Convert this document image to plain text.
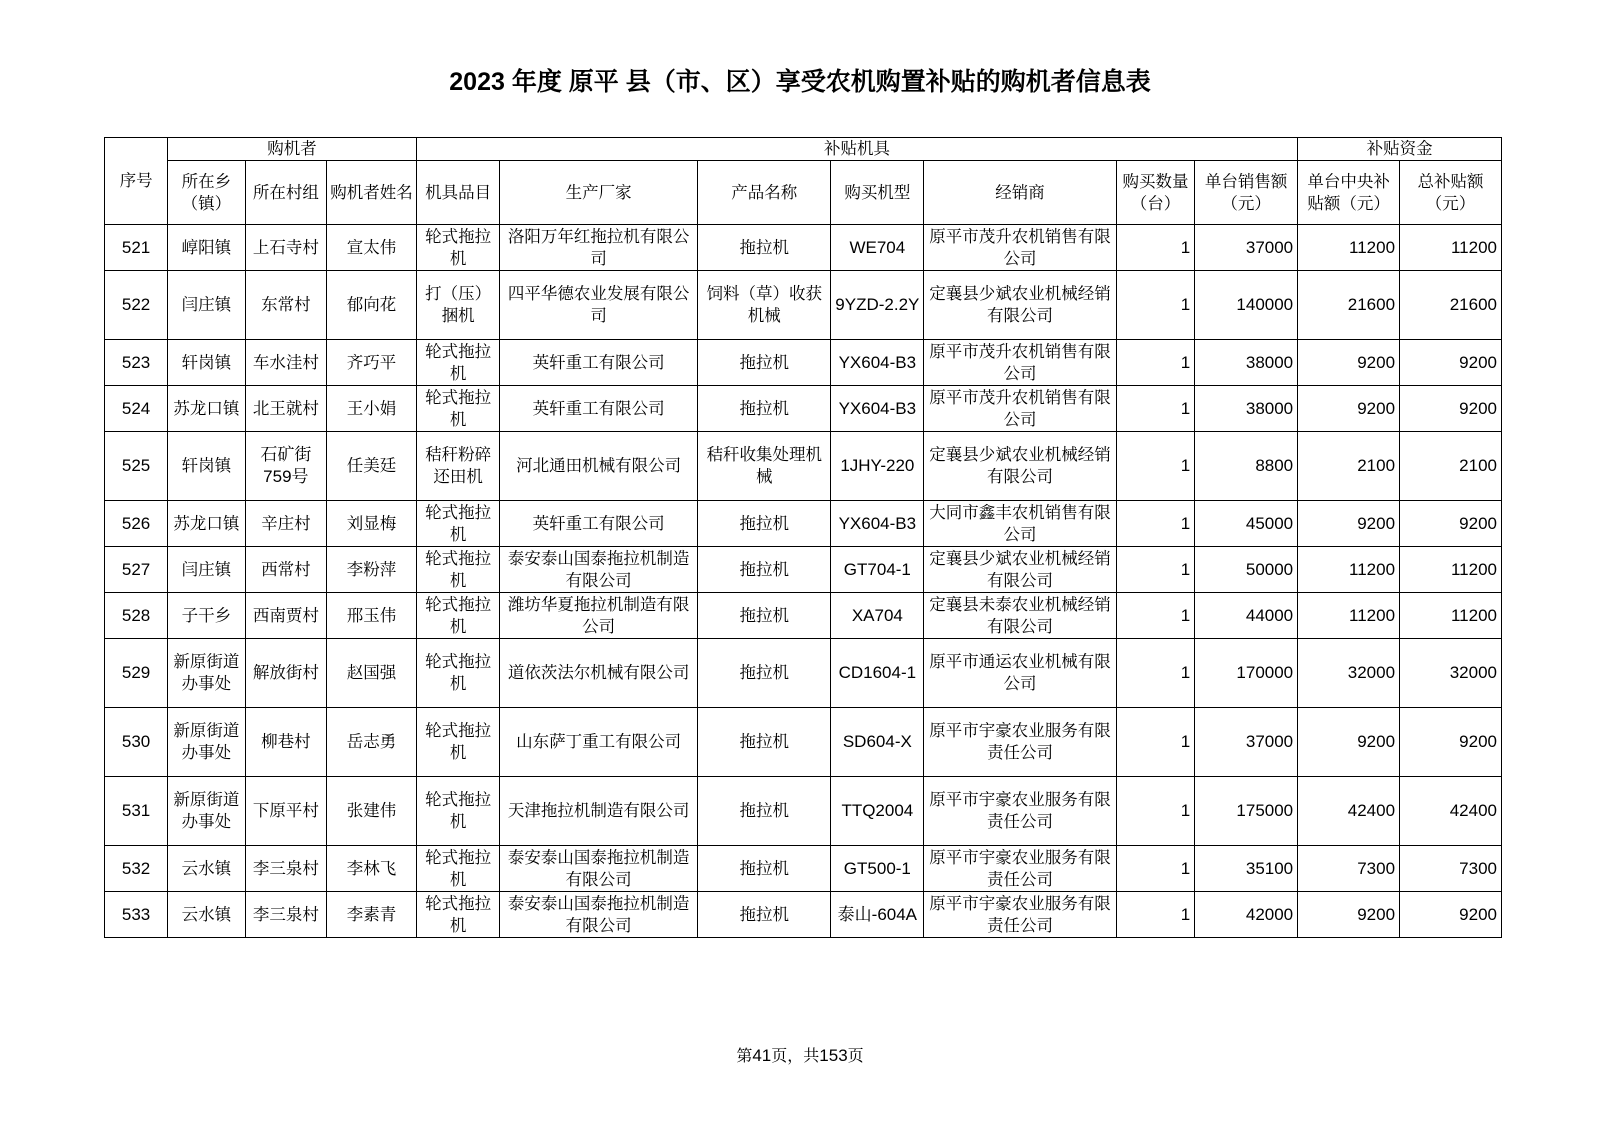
2023 年度 原平 县（市、区）享受农机购置补贴的购机者信息表
序号	购机者			补贴机具							补贴资金	
	所在乡（镇）	所在村组	购机者姓名	机具品目	生产厂家	产品名称	购买机型	经销商	购买数量（台）	单台销售额（元）	单台中央补贴额（元）	总补贴额（元）
521	崞阳镇	上石寺村	宣太伟	轮式拖拉机	洛阳万年红拖拉机有限公司	拖拉机	WE704	原平市茂升农机销售有限公司	1	37000	11200	11200
522	闫庄镇	东常村	郁向花	打（压）捆机	四平华德农业发展有限公司	饲料（草）收获机械	9YZD-2.2Y	定襄县少斌农业机械经销有限公司	1	140000	21600	21600
523	轩岗镇	车水洼村	齐巧平	轮式拖拉机	英轩重工有限公司	拖拉机	YX604-B3	原平市茂升农机销售有限公司	1	38000	9200	9200
524	苏龙口镇	北王就村	王小娟	轮式拖拉机	英轩重工有限公司	拖拉机	YX604-B3	原平市茂升农机销售有限公司	1	38000	9200	9200
525	轩岗镇	石矿街759号	任美廷	秸秆粉碎还田机	河北通田机械有限公司	秸秆收集处理机械	1JHY-220	定襄县少斌农业机械经销有限公司	1	8800	2100	2100
526	苏龙口镇	辛庄村	刘显梅	轮式拖拉机	英轩重工有限公司	拖拉机	YX604-B3	大同市鑫丰农机销售有限公司	1	45000	9200	9200
527	闫庄镇	西常村	李粉萍	轮式拖拉机	泰安泰山国泰拖拉机制造有限公司	拖拉机	GT704-1	定襄县少斌农业机械经销有限公司	1	50000	11200	11200
528	子干乡	西南贾村	邢玉伟	轮式拖拉机	潍坊华夏拖拉机制造有限公司	拖拉机	XA704	定襄县未泰农业机械经销有限公司	1	44000	11200	11200
529	新原街道办事处	解放街村	赵国强	轮式拖拉机	道依茨法尔机械有限公司	拖拉机	CD1604-1	原平市通运农业机械有限公司	1	170000	32000	32000
530	新原街道办事处	柳巷村	岳志勇	轮式拖拉机	山东萨丁重工有限公司	拖拉机	SD604-X	原平市宇豪农业服务有限责任公司	1	37000	9200	9200
531	新原街道办事处	下原平村	张建伟	轮式拖拉机	天津拖拉机制造有限公司	拖拉机	TTQ2004	原平市宇豪农业服务有限责任公司	1	175000	42400	42400
532	云水镇	李三泉村	李林飞	轮式拖拉机	泰安泰山国泰拖拉机制造有限公司	拖拉机	GT500-1	原平市宇豪农业服务有限责任公司	1	35100	7300	7300
533	云水镇	李三泉村	李素青	轮式拖拉机	泰安泰山国泰拖拉机制造有限公司	拖拉机	泰山-604A	原平市宇豪农业服务有限责任公司	1	42000	9200	9200
第41页，共153页
